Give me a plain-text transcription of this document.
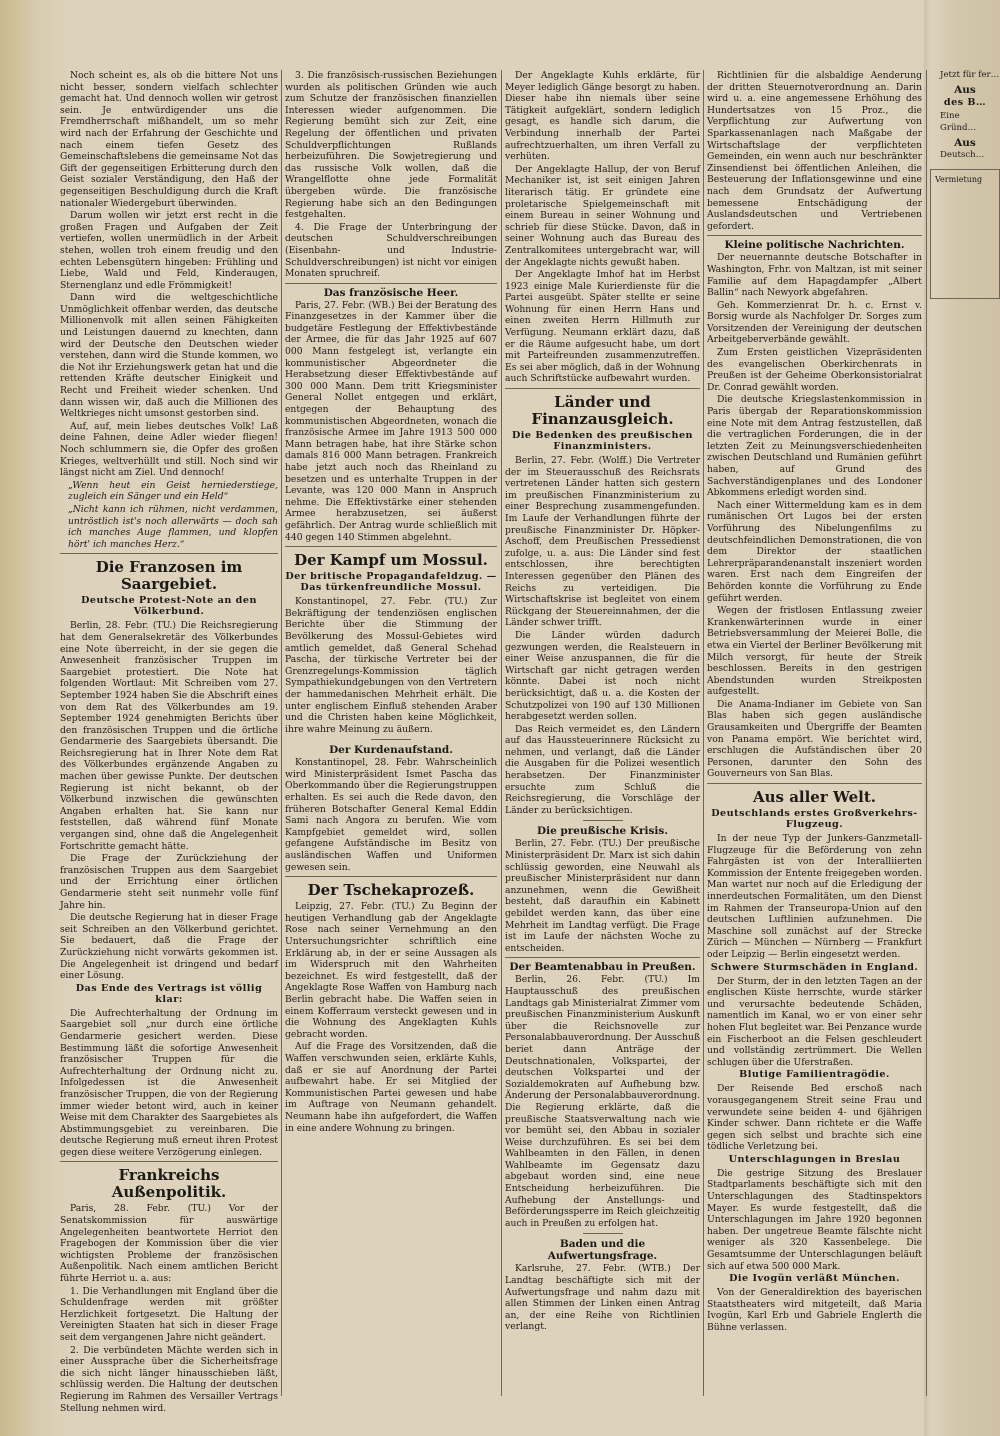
Noch scheint es, als ob die bittere Not uns nicht besser, sondern vielfach schlechter gemacht hat. Und dennoch wollen wir getrost sein. Je entwürdigender uns die Fremdherrschaft mißhandelt, um so mehr wird nach der Erfahrung der Geschichte und nach einem tiefen Gesetz des Gemeinschaftslebens die gemeinsame Not das Gift der gegenseitigen Erbitterung durch den Geist sozialer Verständigung, den Haß der gegenseitigen Beschuldigung durch die Kraft nationaler Wiedergeburt überwinden.

Darum wollen wir jetzt erst recht in die großen Fragen und Aufgaben der Zeit vertiefen, wollen unermüdlich in der Arbeit stehen, wollen troh einem freudig und den echten Lebensgütern hingeben: Frühling und Liebe, Wald und Feld, Kinderaugen, Sternenglanz und edle Frömmigkeit!

Dann wird die weltgeschichtliche Unmöglichkeit offenbar werden, das deutsche Millionenvolk mit allen seinen Fähigkeiten und Leistungen dauernd zu knechten, dann wird der Deutsche den Deutschen wieder verstehen, dann wird die Stunde kommen, wo die Not ihr Erziehungswerk getan hat und die rettenden Kräfte deutscher Einigkeit und Recht und Freiheit wieder schenken. Und dann wissen wir, daß auch die Millionen des Weltkrieges nicht umsonst gestorben sind.

Auf, auf, mein liebes deutsches Volk! Laß deine Fahnen, deine Adler wieder fliegen! Noch schlummern sie, die Opfer des großen Krieges, weltverhüllt und still. Noch sind wir längst nicht am Ziel. Und dennoch!

„Wenn heut ein Geist herniederstiege, zugleich ein Sänger und ein Held“

„Nicht kann ich rühmen, nicht verdammen, untröstlich ist's noch allerwärts — doch sah ich manches Auge flammen, und klopfen hört' ich manches Herz.“

Die Franzosen im Saargebiet.
Deutsche Protest-Note an den Völkerbund.

Berlin, 28. Febr. (TU.) Die Reichsregierung hat dem Generalsekretär des Völkerbundes eine Note überreicht, in der sie gegen die Anwesenheit französischer Truppen im Saargebiet protestiert. Die Note hat folgenden Wortlaut: Mit Schreiben vom 27. September 1924 haben Sie die Abschrift eines von dem Rat des Völkerbundes am 19. September 1924 genehmigten Berichts über den französischen Truppen und die örtliche Gendarmerie des Saargebiets übersandt. Die Reichsregierung hat in Ihrer Note dem Rat des Völkerbundes ergänzende Angaben zu machen über gewisse Punkte. Der deutschen Regierung ist nicht bekannt, ob der Völkerbund inzwischen die gewünschten Angaben erhalten hat. Sie kann nur feststellen, daß während fünf Monate vergangen sind, ohne daß die Angelegenheit Fortschritte gemacht hätte.

Die Frage der Zurückziehung der französischen Truppen aus dem Saargebiet und der Errichtung einer örtlichen Gendarmerie steht seit nunmehr volle fünf Jahre hin.

Die deutsche Regierung hat in dieser Frage seit Schreiben an den Völkerbund gerichtet. Sie bedauert, daß die Frage der Zurückziehung nicht vorwärts gekommen ist. Die Angelegenheit ist dringend und bedarf einer Lösung.

Das Ende des Vertrags ist völlig klar:

Die Aufrechterhaltung der Ordnung im Saargebiet soll „nur durch eine örtliche Gendarmerie gesichert werden. Diese Bestimmung läßt die sofortige Anwesenheit französischer Truppen für die Aufrechterhaltung der Ordnung nicht zu. Infolgedessen ist die Anwesenheit französischer Truppen, die von der Regierung immer wieder betont wird, auch in keiner Weise mit dem Charakter des Saargebietes als Abstimmungsgebiet zu vereinbaren. Die deutsche Regierung muß erneut ihren Protest gegen diese weitere Verzögerung einlegen.

Frankreichs Außenpolitik.

Paris, 28. Febr. (TU.) Vor der Senatskommission für auswärtige Angelegenheiten beantwortete Herriot den Fragebogen der Kommission über die vier wichtigsten Probleme der französischen Außenpolitik. Nach einem amtlichen Bericht führte Herriot u. a. aus:

1. Die Verhandlungen mit England über die Schuldenfrage werden mit größter Herzlichkeit fortgesetzt. Die Haltung der Vereinigten Staaten hat sich in dieser Frage seit dem vergangenen Jahre nicht geändert.

2. Die verbündeten Mächte werden sich in einer Aussprache über die Sicherheitsfrage die sich nicht länger hinausschieben läßt, schlüssig werden. Die Haltung der deutschen Regierung im Rahmen des Versailler Vertrags Stellung nehmen wird.

3. Die französisch-russischen Beziehungen wurden als politischen Gründen wie auch zum Schutze der französischen finanziellen Interessen wieder aufgenommen. Die Regierung bemüht sich zur Zeit, eine Regelung der öffentlichen und privaten Schuldverpflichtungen Rußlands herbeizuführen. Die Sowjetregierung und das russische Volk wollen, daß die Wrangelflotte ohne jede Formalität übergeben würde. Die französische Regierung habe sich an den Bedingungen festgehalten.

4. Die Frage der Unterbringung der deutschen Schuldverschreibungen (Eisenbahn- und Industrie-Schuldverschreibungen) ist nicht vor einigen Monaten spruchreif.

Das französische Heer.

Paris, 27. Febr. (WB.) Bei der Beratung des Finanzgesetzes in der Kammer über die budgetäre Festlegung der Effektivbestände der Armee, die für das Jahr 1925 auf 607 000 Mann festgelegt ist, verlangte ein kommunistischer Abgeordneter die Herabsetzung dieser Effektivbestände auf 300 000 Mann. Dem tritt Kriegsminister General Nollet entgegen und erklärt, entgegen der Behauptung des kommunistischen Abgeordneten, wonach die französische Armee im Jahre 1913 500 000 Mann betragen habe, hat ihre Stärke schon damals 816 000 Mann betragen. Frankreich habe jetzt auch noch das Rheinland zu besetzen und es unterhalte Truppen in der Levante, was 120 000 Mann in Anspruch nehme. Die Effektivstärke einer stehenden Armee herabzusetzen, sei äußerst gefährlich. Der Antrag wurde schließlich mit 440 gegen 140 Stimmen abgelehnt.

Der Kampf um Mossul.
Der britische Propagandafeldzug. — Das türkenfreundliche Mossul.

Konstantinopel, 27. Febr. (TU.) Zur Bekräftigung der tendenziösen englischen Berichte über die Stimmung der Bevölkerung des Mossul-Gebietes wird amtlich gemeldet, daß General Schehad Pascha, der türkische Vertreter bei der Grenzregelungs-Kommission täglich Sympathiekundgebungen von den Vertretern der hammedanischen Mehrheit erhält. Die unter englischem Einfluß stehenden Araber und die Christen haben keine Möglichkeit, ihre wahre Meinung zu äußern.

Der Kurdenaufstand.

Konstantinopel, 28. Febr. Wahrscheinlich wird Ministerpräsident Ismet Pascha das Oberkommando über die Regierungstruppen erhalten. Es sei auch die Rede davon, den früheren Botschafter General Kemal Eddin Sami nach Angora zu berufen. Wie vom Kampfgebiet gemeldet wird, sollen gefangene Aufständische im Besitz von ausländischen Waffen und Uniformen gewesen sein.

Der Tschekaprozeß.

Leipzig, 27. Febr. (TU.) Zu Beginn der heutigen Verhandlung gab der Angeklagte Rose nach seiner Vernehmung an den Untersuchungsrichter schriftlich eine Erklärung ab, in der er seine Aussagen als im Widerspruch mit den Wahrheiten bezeichnet. Es wird festgestellt, daß der Angeklagte Rose Waffen von Hamburg nach Berlin gebracht habe. Die Waffen seien in einem Kofferraum versteckt gewesen und in die Wohnung des Angeklagten Kuhls gebracht worden.

Auf die Frage des Vorsitzenden, daß die Waffen verschwunden seien, erklärte Kuhls, daß er sie auf Anordnung der Partei aufbewahrt habe. Er sei Mitglied der Kommunistischen Partei gewesen und habe im Auftrage von Neumann gehandelt. Neumann habe ihn aufgefordert, die Waffen in eine andere Wohnung zu bringen.

Der Angeklagte Kuhls erklärte, für Meyer lediglich Gänge besorgt zu haben. Dieser habe ihn niemals über seine Tätigkeit aufgeklärt, sondern lediglich gesagt, es handle sich darum, die Verbindung innerhalb der Partei aufrechtzuerhalten, um ihren Verfall zu verhüten.

Der Angeklagte Hallup, der von Beruf Mechaniker ist, ist seit einigen Jahren literarisch tätig. Er gründete eine proletarische Spielgemeinschaft mit einem Bureau in seiner Wohnung und schrieb für diese Stücke. Davon, daß in seiner Wohnung auch das Bureau des Zentralkomitees untergebracht war, will der Angeklagte nichts gewußt haben.

Der Angeklagte Imhof hat im Herbst 1923 einige Male Kurierdienste für die Partei ausgeübt. Später stellte er seine Wohnung für einen Herrn Hans und einen zweiten Herrn Hillmuth zur Verfügung. Neumann erklärt dazu, daß er die Räume aufgesucht habe, um dort mit Parteifreunden zusammenzutreffen. Es sei aber möglich, daß in der Wohnung auch Schriftstücke aufbewahrt wurden.

Länder und Finanzausgleich.
Die Bedenken des preußischen Finanzministers.

Berlin, 27. Febr. (Wolff.) Die Vertreter der im Steuerausschuß des Reichsrats vertretenen Länder hatten sich gestern im preußischen Finanzministerium zu einer Besprechung zusammengefunden. Im Laufe der Verhandlungen führte der preußische Finanzminister Dr. Höpker-Aschoff, dem Preußischen Pressedienst zufolge, u. a. aus: Die Länder sind fest entschlossen, ihre berechtigten Interessen gegenüber den Plänen des Reichs zu verteidigen. Die Wirtschaftskrise ist begleitet von einem Rückgang der Steuereinnahmen, der die Länder schwer trifft.

Die Länder würden dadurch gezwungen werden, die Realsteuern in einer Weise anzuspannen, die für die Wirtschaft gar nicht getragen werden könnte. Dabei ist noch nicht berücksichtigt, daß u. a. die Kosten der Schutzpolizei von 190 auf 130 Millionen herabgesetzt werden sollen.

Das Reich vermeidet es, den Ländern auf das Haussteuerinnere Rücksicht zu nehmen, und verlangt, daß die Länder die Ausgaben für die Polizei wesentlich herabsetzen. Der Finanzminister ersuchte zum Schluß die Reichsregierung, die Vorschläge der Länder zu berücksichtigen.

Die preußische Krisis.

Berlin, 27. Febr. (TU.) Der preußische Ministerpräsident Dr. Marx ist sich dahin schlüssig geworden, eine Neuwahl als preußischer Ministerpräsident nur dann anzunehmen, wenn die Gewißheit besteht, daß daraufhin ein Kabinett gebildet werden kann, das über eine Mehrheit im Landtag verfügt. Die Frage ist im Laufe der nächsten Woche zu entscheiden.

Der Beamtenabbau in Preußen.

Berlin, 26. Febr. (TU.) Im Hauptausschuß des preußischen Landtags gab Ministerialrat Zimmer vom preußischen Finanzministerium Auskunft über die Reichsnovelle zur Personalabbauverordnung. Der Ausschuß beriet dann Anträge der Deutschnationalen, Volkspartei, der deutschen Volkspartei und der Sozialdemokraten auf Aufhebung bzw. Änderung der Personalabbauverordnung. Die Regierung erklärte, daß die preußische Staatsverwaltung nach wie vor bemüht sei, den Abbau in sozialer Weise durchzuführen. Es sei bei dem Wahlbeamten in den Fällen, in denen Wahlbeamte im Gegensatz dazu abgebaut worden sind, eine neue Entscheidung herbeizuführen. Die Aufhebung der Anstellungs- und Beförderungssperre im Reich gleichzeitig auch in Preußen zu erfolgen hat.

Baden und die Aufwertungsfrage.

Karlsruhe, 27. Febr. (WTB.) Der Landtag beschäftigte sich mit der Aufwertungsfrage und nahm dazu mit allen Stimmen der Linken einen Antrag an, der eine Reihe von Richtlinien verlangt.

Richtlinien für die alsbaldige Aenderung der dritten Steuernotverordnung an. Darin wird u. a. eine angemessene Erhöhung des Hundertsatzes von 15 Proz., die Verpflichtung zur Aufwertung von Sparkassenanlagen nach Maßgabe der Wirtschaftslage der verpflichteten Gemeinden, ein wenn auch nur beschränkter Zinsendienst bei öffentlichen Anleihen, die Besteuerung der Inflationsgewinne und eine nach dem Grundsatz der Aufwertung bemessene Entschädigung der Auslandsdeutschen und Vertriebenen gefordert.

Kleine politische Nachrichten.

Der neuernannte deutsche Botschafter in Washington, Frhr. von Maltzan, ist mit seiner Familie auf dem Hapagdampfer „Albert Ballin“ nach Newyork abgefahren.

Geh. Kommerzienrat Dr. h. c. Ernst v. Borsig wurde als Nachfolger Dr. Sorges zum Vorsitzenden der Vereinigung der deutschen Arbeitgeberverbände gewählt.

Zum Ersten geistlichen Vizepräsidenten des evangelischen Oberkirchenrats in Preußen ist der Geheime Oberkonsistorialrat Dr. Conrad gewählt worden.

Die deutsche Kriegslastenkommission in Paris übergab der Reparationskommission eine Note mit dem Antrag festzustellen, daß die vertraglichen Forderungen, die in der letzten Zeit zu Meinungsverschiedenheiten zwischen Deutschland und Rumänien geführt haben, auf Grund des Sachverständigenplanes und des Londoner Abkommens erledigt worden sind.

Nach einer Wittermeldung kam es in dem rumänischen Ort Lugos bei der ersten Vorführung des Nibelungenfilms zu deutschfeindlichen Demonstrationen, die von dem Direktor der staatlichen Lehrerpräparandenanstalt inszeniert worden waren. Erst nach dem Eingreifen der Behörden konnte die Vorführung zu Ende geführt werden.

Wegen der fristlosen Entlassung zweier Krankenwärterinnen wurde in einer Betriebsversammlung der Meierei Bolle, die etwa ein Viertel der Berliner Bevölkerung mit Milch versorgt, für heute der Streik beschlossen. Bereits in den gestrigen Abendstunden wurden Streikposten aufgestellt.

Die Anama-Indianer im Gebiete von San Blas haben sich gegen ausländische Grausamkeiten und Übergriffe der Beamten von Panama empört. Wie berichtet wird, erschlugen die Aufständischen über 20 Personen, darunter den Sohn des Gouverneurs von San Blas.

Aus aller Welt.
Deutschlands erstes Großverkehrs-Flugzeug.

In der neue Typ der Junkers-Ganzmetall-Flugzeuge für die Beförderung von zehn Fahrgästen ist von der Interalliierten Kommission der Entente freigegeben worden. Man wartet nur noch auf die Erledigung der innerdeutschen Formalitäten, um den Dienst im Rahmen der Transeuropa-Union auf den deutschen Luftlinien aufzunehmen. Die Maschine soll zunächst auf der Strecke Zürich — München — Nürnberg — Frankfurt oder Leipzig — Berlin eingesetzt werden.

Schwere Sturmschäden in England.

Der Sturm, der in den letzten Tagen an der englischen Küste herrschte, wurde stärker und verursachte bedeutende Schäden, namentlich im Kanal, wo er von einer sehr hohen Flut begleitet war. Bei Penzance wurde ein Fischerboot an die Felsen geschleudert und vollständig zertrümmert. Die Wellen schlugen über die Uferstraßen.

Blutige Familientragödie.

Der Reisende Bed erschoß nach vorausgegangenem Streit seine Frau und verwundete seine beiden 4- und 6jährigen Kinder schwer. Dann richtete er die Waffe gegen sich selbst und brachte sich eine tödliche Verletzung bei.

Unterschlagungen in Breslau

Die gestrige Sitzung des Breslauer Stadtparlaments beschäftigte sich mit den Unterschlagungen des Stadtinspektors Mayer. Es wurde festgestellt, daß die Unterschlagungen im Jahre 1920 begonnen haben. Der ungetreue Beamte fälschte nicht weniger als 320 Kassenbelege. Die Gesamtsumme der Unterschlagungen beläuft sich auf etwa 500 000 Mark.

Die Ivogün verläßt München.

Von der Generaldirektion des bayerischen Staatstheaters wird mitgeteilt, daß Maria Ivogün, Karl Erb und Gabriele Englerth die Bühne verlassen.

Jetzt für fer…

Aus
des B…

Eine

Gründ…

Aus

Deutsch…

Vermietung
